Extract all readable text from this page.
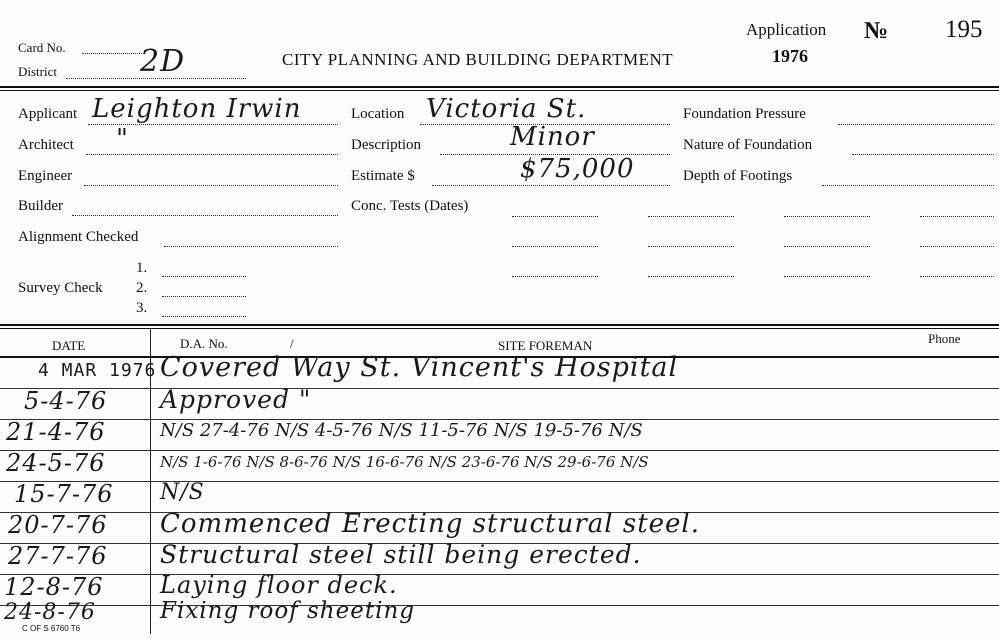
Card No.
District	2D	CITY PLANNING AND BUILDING DEPARTMENT
Application
1976
№ 195
Applicant Leighton Irwin
Architect "
Engineer
Builder
Alignment Checked
Survey Check
1.
2.
3.
Location Victoria St.
Description	Minor
Estimate $	$75,000
Conc. Tests (Dates)
Foundation Pressure
Nature of Foundation
Depth of Footings
DATE	D.A. No.	/	SITE FOREMAN	Phone
4 MAR 1976 Covered Way St. Vincent's Hospital
5-4-76 Approved "
21-4-76	N/S 27-4-76 N/S 4-5-76 N/S 11-5-76 N/S 19-5-76 N/S
24-5-76	N/S 1-6-76 N/S 8-6-76 N/S 16-6-76 N/S 23-6-76 N/S 29-6-76 N/S
15-7-76 N/S
20-7-76 Commenced Erecting structural steel.
27-7-76 Structural steel still being erected.
12-8-76 Laying floor deck.
24-8-76	Fixing roof sheeting
C OF S 6760 T6
